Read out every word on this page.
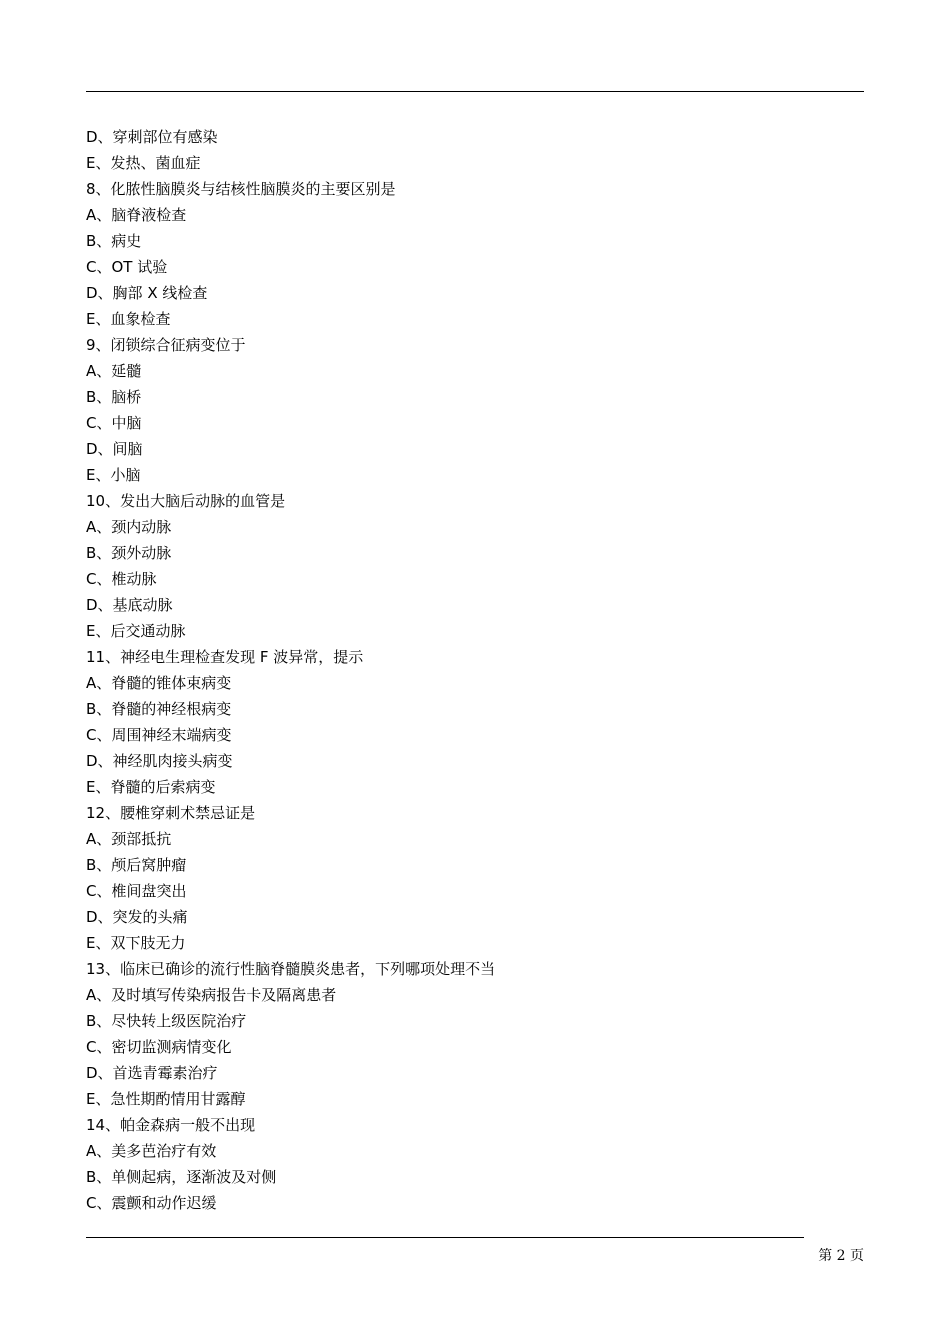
D、穿刺部位有感染
E、发热、菌血症
8、化脓性脑膜炎与结核性脑膜炎的主要区别是
A、脑脊液检查
B、病史
C、OT 试验
D、胸部 X 线检查
E、血象检查
9、闭锁综合征病变位于
A、延髓
B、脑桥
C、中脑
D、间脑
E、小脑
10、发出大脑后动脉的血管是
A、颈内动脉
B、颈外动脉
C、椎动脉
D、基底动脉
E、后交通动脉
11、神经电生理检查发现 F 波异常，提示
A、脊髓的锥体束病变
B、脊髓的神经根病变
C、周围神经末端病变
D、神经肌肉接头病变
E、脊髓的后索病变
12、腰椎穿刺术禁忌证是
A、颈部抵抗
B、颅后窝肿瘤
C、椎间盘突出
D、突发的头痛
E、双下肢无力
13、临床已确诊的流行性脑脊髓膜炎患者，下列哪项处理不当
A、及时填写传染病报告卡及隔离患者
B、尽快转上级医院治疗
C、密切监测病情变化
D、首选青霉素治疗
E、急性期酌情用甘露醇
14、帕金森病一般不出现
A、美多芭治疗有效
B、单侧起病，逐渐波及对侧
C、震颤和动作迟缓
第 2 页
